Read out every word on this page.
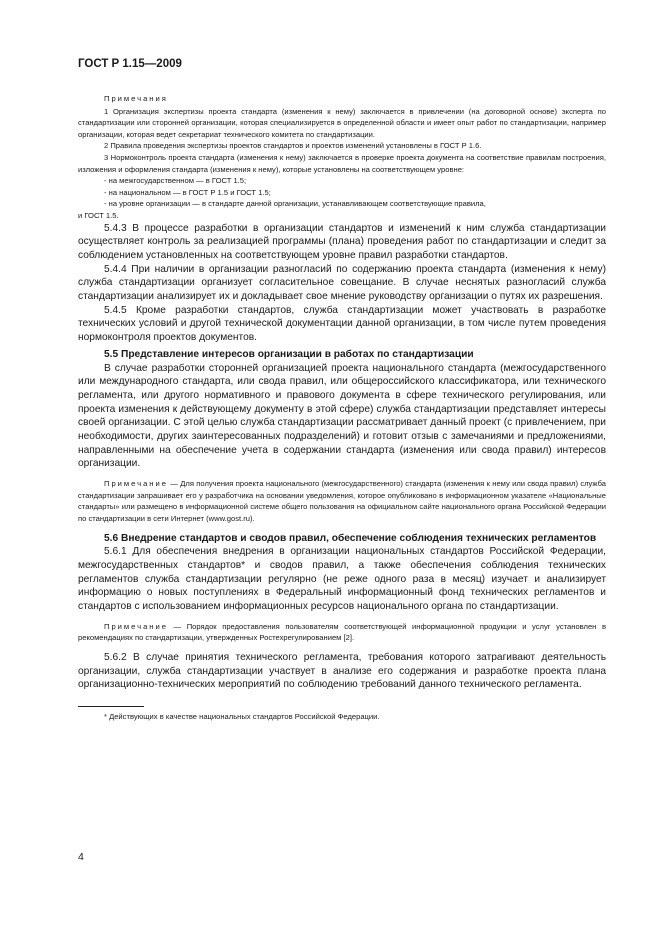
ГОСТ Р 1.15—2009

Примечания

1 Организация экспертизы проекта стандарта (изменения к нему) заключается в привлечении (на договорной основе) эксперта по стандартизации или сторонней организации, которая специализируется в определенной области и имеет опыт работ по стандартизации, например организации, которая ведет секретариат технического комитета по стандартизации.

2 Правила проведения экспертизы проектов стандартов и проектов изменений установлены в ГОСТ Р 1.6.

3 Нормоконтроль проекта стандарта (изменения к нему) заключается в проверке проекта документа на соответствие правилам построения, изложения и оформления стандарта (изменения к нему), которые установлены на соответствующем уровне:

- на межгосударственном — в ГОСТ 1.5;
- на национальном — в ГОСТ Р 1.5 и ГОСТ 1.5;
- на уровне организации — в стандарте данной организации, устанавливающем соответствующие правила,

и ГОСТ 1.5.

5.4.3 В процессе разработки в организации стандартов и изменений к ним служба стандартизации осуществляет контроль за реализацией программы (плана) проведения работ по стандартизации и следит за соблюдением установленных на соответствующем уровне правил разработки стандартов.

5.4.4 При наличии в организации разногласий по содержанию проекта стандарта (изменения к нему) служба стандартизации организует согласительное совещание. В случае неснятых разногласий служба стандартизации анализирует их и докладывает свое мнение руководству организации о путях их разрешения.

5.4.5 Кроме разработки стандартов, служба стандартизации может участвовать в разработке технических условий и другой технической документации данной организации, в том числе путем проведения нормоконтроля проектов документов.

5.5 Представление интересов организации в работах по стандартизации

В случае разработки сторонней организацией проекта национального стандарта (межгосударственного или международного стандарта, или свода правил, или общероссийского классификатора, или технического регламента, или другого нормативного и правового документа в сфере технического регулирования, или проекта изменения к действующему документу в этой сфере) служба стандартизации представляет интересы своей организации. С этой целью служба стандартизации рассматривает данный проект (с привлечением, при необходимости, других заинтересованных подразделений) и готовит отзыв с замечаниями и предложениями, направленными на обеспечение учета в содержании стандарта (изменения или свода правил) интересов организации.

Примечание — Для получения проекта национального (межгосударственного) стандарта (изменения к нему или свода правил) служба стандартизации запрашивает его у разработчика на основании уведомления, которое опубликовано в информационном указателе «Национальные стандарты» или размещено в информационной системе общего пользования на официальном сайте национального органа Российской Федерации по стандартизации в сети Интернет (www.gost.ru).

5.6 Внедрение стандартов и сводов правил, обеспечение соблюдения технических регламентов

5.6.1 Для обеспечения внедрения в организации национальных стандартов Российской Федерации, межгосударственных стандартов* и сводов правил, а также обеспечения соблюдения технических регламентов служба стандартизации регулярно (не реже одного раза в месяц) изучает и анализирует информацию о новых поступлениях в Федеральный информационный фонд технических регламентов и стандартов с использованием информационных ресурсов национального органа по стандартизации.

Примечание — Порядок предоставления пользователям соответствующей информационной продукции и услуг установлен в рекомендациях по стандартизации, утвержденных Ростехрегулированием [2].

5.6.2 В случае принятия технического регламента, требования которого затрагивают деятельность организации, служба стандартизации участвует в анализе его содержания и разработке проекта плана организационно-технических мероприятий по соблюдению требований данного технического регламента.

* Действующих в качестве национальных стандартов Российской Федерации.

4
